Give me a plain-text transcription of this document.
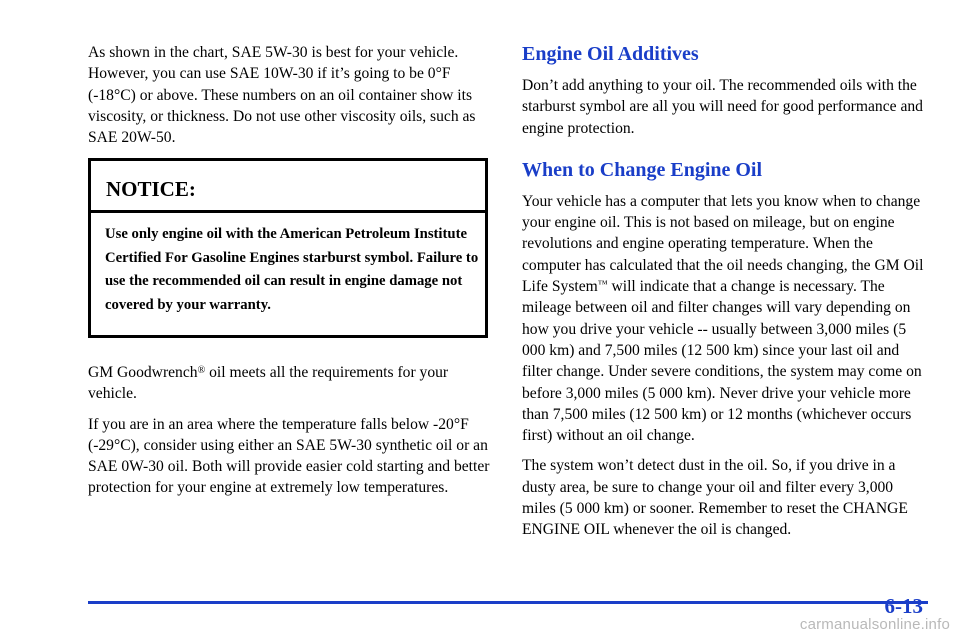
As shown in the chart, SAE 5W-30 is best for your vehicle. However, you can use SAE 10W-30 if it’s going to be 0°F (-18°C) or above. These numbers on an oil container show its viscosity, or thickness. Do not use other viscosity oils, such as SAE 20W-50.

NOTICE:
Use only engine oil with the American Petroleum Institute Certified For Gasoline Engines starburst symbol. Failure to use the recommended oil can result in engine damage not covered by your warranty.

GM Goodwrench® oil meets all the requirements for your vehicle.

If you are in an area where the temperature falls below -20°F (-29°C), consider using either an SAE 5W-30 synthetic oil or an SAE 0W-30 oil. Both will provide easier cold starting and better protection for your engine at extremely low temperatures.

Engine Oil Additives

Don’t add anything to your oil. The recommended oils with the starburst symbol are all you will need for good performance and engine protection.

When to Change Engine Oil

Your vehicle has a computer that lets you know when to change your engine oil. This is not based on mileage, but on engine revolutions and engine operating temperature. When the computer has calculated that the oil needs changing, the GM Oil Life System™ will indicate that a change is necessary. The mileage between oil and filter changes will vary depending on how you drive your vehicle -- usually between 3,000 miles (5 000 km) and 7,500 miles (12 500 km) since your last oil and filter change. Under severe conditions, the system may come on before 3,000 miles (5 000 km). Never drive your vehicle more than 7,500 miles (12 500 km) or 12 months (whichever occurs first) without an oil change.

The system won’t detect dust in the oil. So, if you drive in a dusty area, be sure to change your oil and filter every 3,000 miles (5 000 km) or sooner. Remember to reset the CHANGE ENGINE OIL whenever the oil is changed.

6-13
carmanualsonline.info
